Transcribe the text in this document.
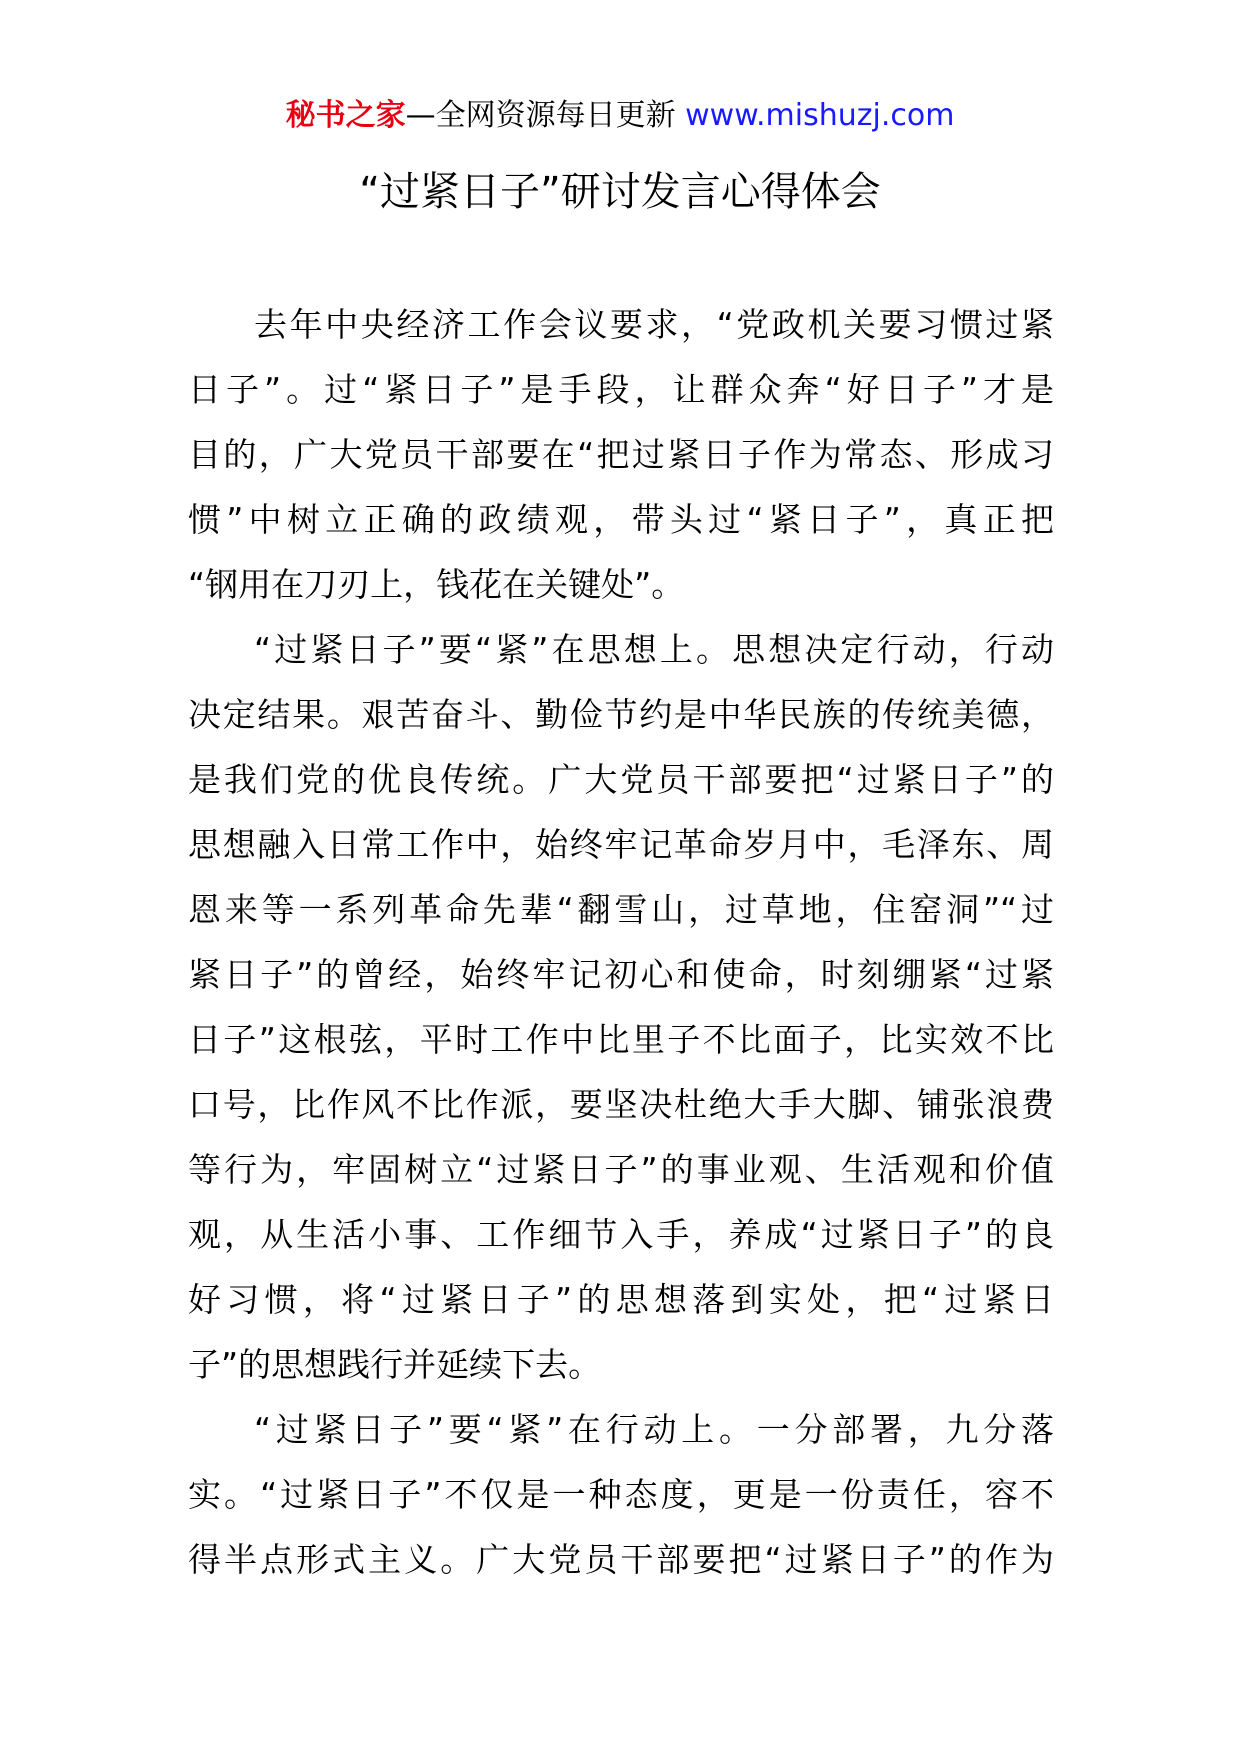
秘书之家—全网资源每日更新 www.mishuzj.com
“过紧日子”研讨发言心得体会
去年中央经济工作会议要求，“党政机关要习惯过紧
日子”。过“紧日子”是手段，让群众奔“好日子”才是
目的，广大党员干部要在“把过紧日子作为常态、形成习
惯”中树立正确的政绩观，带头过“紧日子”，真正把
“钢用在刀刃上，钱花在关键处”。
“过紧日子”要“紧”在思想上。思想决定行动，行动
决定结果。艰苦奋斗、勤俭节约是中华民族的传统美德，
是我们党的优良传统。广大党员干部要把“过紧日子”的
思想融入日常工作中，始终牢记革命岁月中，毛泽东、周
恩来等一系列革命先辈“翻雪山，过草地，住窑洞”“过
紧日子”的曾经，始终牢记初心和使命，时刻绷紧“过紧
日子”这根弦，平时工作中比里子不比面子，比实效不比
口号，比作风不比作派，要坚决杜绝大手大脚、铺张浪费
等行为，牢固树立“过紧日子”的事业观、生活观和价值
观，从生活小事、工作细节入手，养成“过紧日子”的良
好习惯，将“过紧日子”的思想落到实处，把“过紧日
子”的思想践行并延续下去。
“过紧日子”要“紧”在行动上。一分部署，九分落
实。“过紧日子”不仅是一种态度，更是一份责任，容不
得半点形式主义。广大党员干部要把“过紧日子”的作为
